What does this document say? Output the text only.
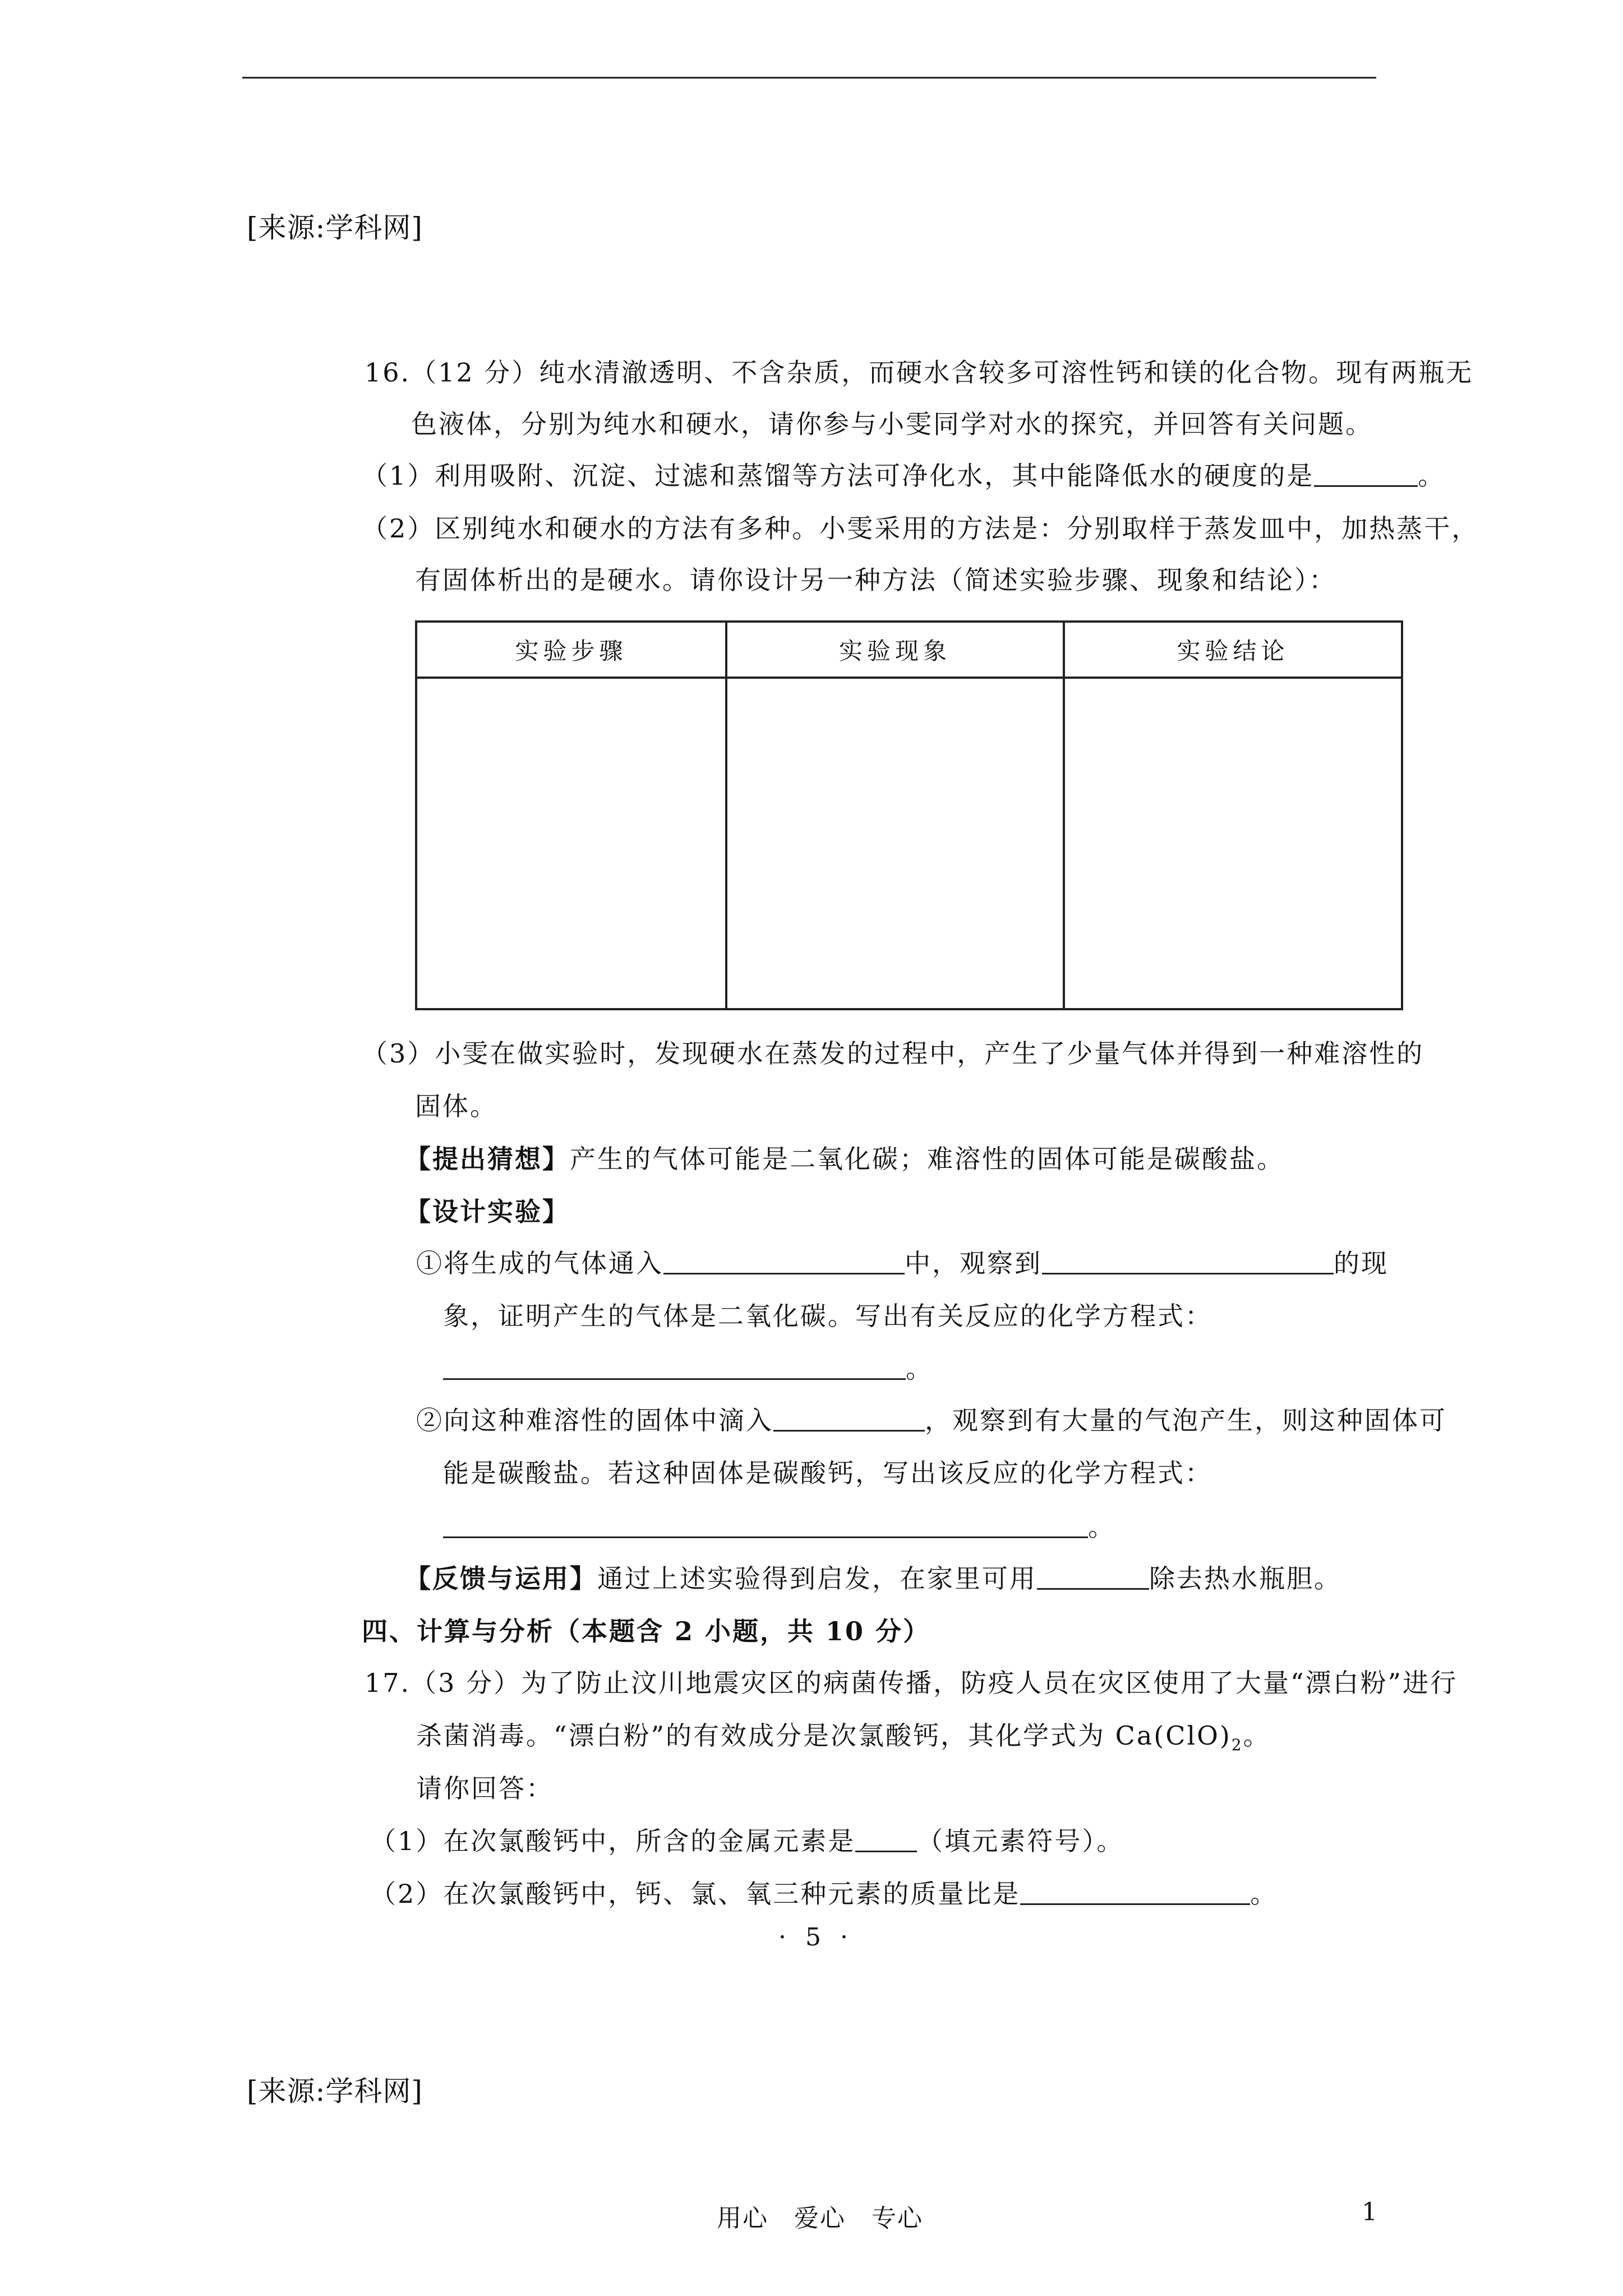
[来源:学科网]
16.（12 分）纯水清澈透明、不含杂质，而硬水含较多可溶性钙和镁的化合物。现有两瓶无
色液体，分别为纯水和硬水，请你参与小雯同学对水的探究，并回答有关问题。
（1）利用吸附、沉淀、过滤和蒸馏等方法可净化水，其中能降低水的硬度的是	。
（2）区别纯水和硬水的方法有多种。小雯采用的方法是：分别取样于蒸发皿中，加热蒸干，
有固体析出的是硬水。请你设计另一种方法（简述实验步骤、现象和结论）：
实验步骤	实验现象	实验结论

（3）小雯在做实验时，发现硬水在蒸发的过程中，产生了少量气体并得到一种难溶性的
固体。
【提出猜想】产生的气体可能是二氧化碳；难溶性的固体可能是碳酸盐。
【设计实验】
①将生成的气体通入	中，观察到	的现
象，证明产生的气体是二氧化碳。写出有关反应的化学方程式：
。
②向这种难溶性的固体中滴入	，观察到有大量的气泡产生，则这种固体可
能是碳酸盐。若这种固体是碳酸钙，写出该反应的化学方程式：
。
【反馈与运用】通过上述实验得到启发，在家里可用	除去热水瓶胆。
四、计算与分析（本题含 2 小题，共 10 分）
17.（3 分）为了防止汶川地震灾区的病菌传播，防疫人员在灾区使用了大量“漂白粉”进行
杀菌消毒。“漂白粉”的有效成分是次氯酸钙，其化学式为 $Ca(ClO)_2$。
请你回答：
（1）在次氯酸钙中，所含的金属元素是 （填元素符号）。
（2）在次氯酸钙中，钙、氯、氧三种元素的质量比是	。
· 5 ·
[来源:学科网]
用心　爱心　专心	1
